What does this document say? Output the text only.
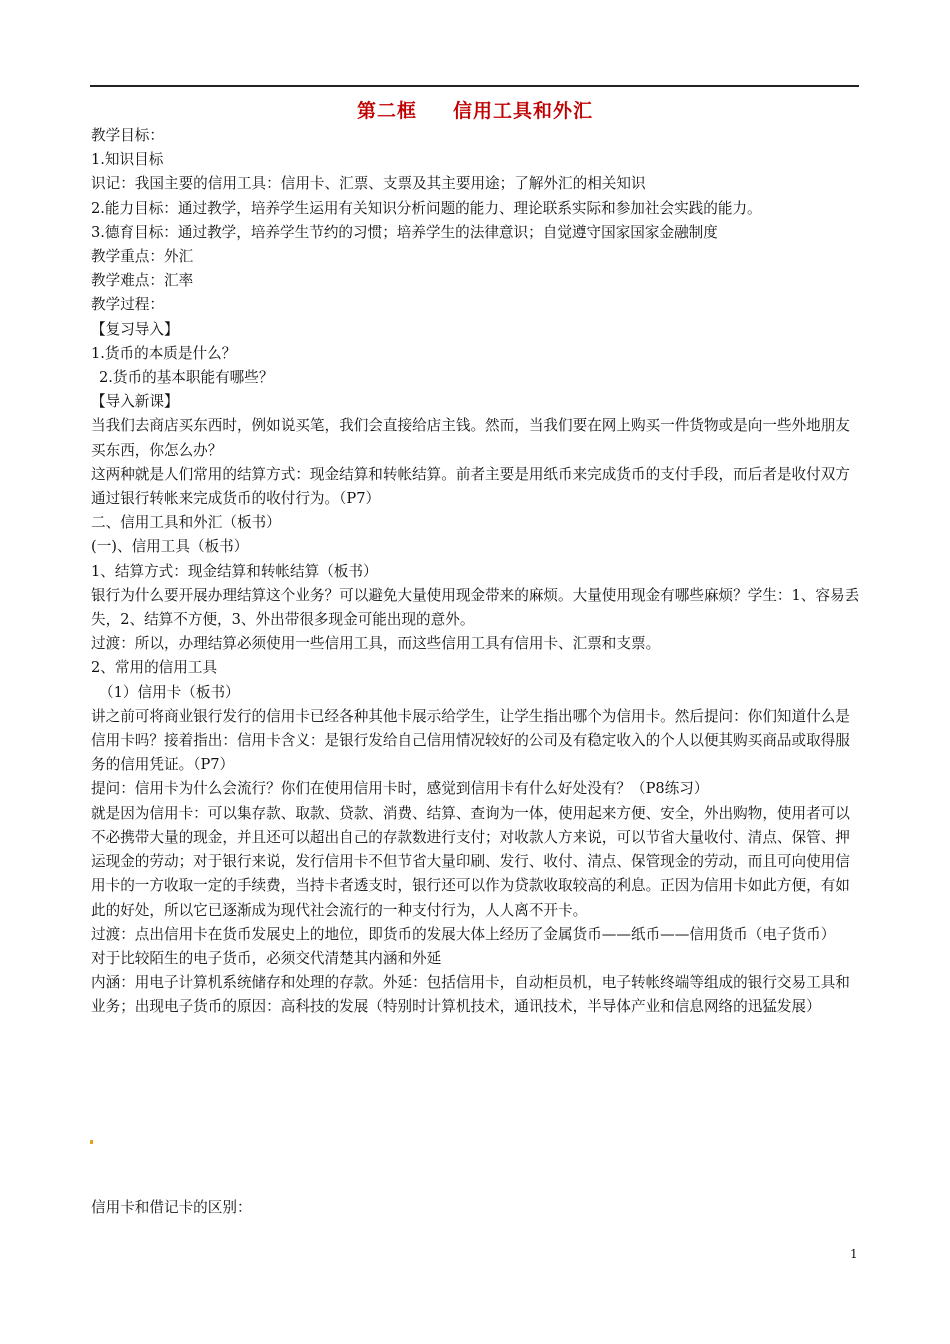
第二框 信用工具和外汇

教学目标：

1.知识目标

识记：我国主要的信用工具：信用卡、汇票、支票及其主要用途；了解外汇的相关知识

2.能力目标：通过教学，培养学生运用有关知识分析问题的能力、理论联系实际和参加社会实践的能力。

3.德育目标：通过教学，培养学生节约的习惯；培养学生的法律意识；自觉遵守国家国家金融制度

教学重点：外汇

教学难点：汇率

教学过程：

【复习导入】

1.货币的本质是什么？

2.货币的基本职能有哪些？

【导入新课】

当我们去商店买东西时，例如说买笔，我们会直接给店主钱。然而，当我们要在网上购买一件货物或是向一些外地朋友买东西，你怎么办？

这两种就是人们常用的结算方式：现金结算和转帐结算。前者主要是用纸币来完成货币的支付手段，而后者是收付双方通过银行转帐来完成货币的收付行为。（P7）

二、信用工具和外汇（板书）

(一)、信用工具（板书）

1、结算方式：现金结算和转帐结算（板书）

银行为什么要开展办理结算这个业务？可以避免大量使用现金带来的麻烦。大量使用现金有哪些麻烦？学生：1、容易丢失，2、结算不方便，3、外出带很多现金可能出现的意外。

过渡：所以，办理结算必须使用一些信用工具，而这些信用工具有信用卡、汇票和支票。

2、常用的信用工具

（1）信用卡（板书）

讲之前可将商业银行发行的信用卡已经各种其他卡展示给学生，让学生指出哪个为信用卡。然后提问：你们知道什么是信用卡吗？接着指出：信用卡含义：是银行发给自己信用情况较好的公司及有稳定收入的个人以便其购买商品或取得服务的信用凭证。（P7）

提问：信用卡为什么会流行？你们在使用信用卡时，感觉到信用卡有什么好处没有？（P8练习）

就是因为信用卡：可以集存款、取款、贷款、消费、结算、查询为一体，使用起来方便、安全，外出购物，使用者可以不必携带大量的现金，并且还可以超出自己的存款数进行支付；对收款人方来说，可以节省大量收付、清点、保管、押运现金的劳动；对于银行来说，发行信用卡不但节省大量印刷、发行、收付、清点、保管现金的劳动，而且可向使用信用卡的一方收取一定的手续费，当持卡者透支时，银行还可以作为贷款收取较高的利息。正因为信用卡如此方便，有如此的好处，所以它已逐渐成为现代社会流行的一种支付行为，人人离不开卡。

过渡：点出信用卡在货币发展史上的地位，即货币的发展大体上经历了金属货币——纸币——信用货币（电子货币）

对于比较陌生的电子货币，必须交代清楚其内涵和外延

内涵：用电子计算机系统储存和处理的存款。外延：包括信用卡，自动柜员机，电子转帐终端等组成的银行交易工具和业务；出现电子货币的原因：高科技的发展（特别时计算机技术，通讯技术，半导体产业和信息网络的迅猛发展）

信用卡和借记卡的区别：
1
